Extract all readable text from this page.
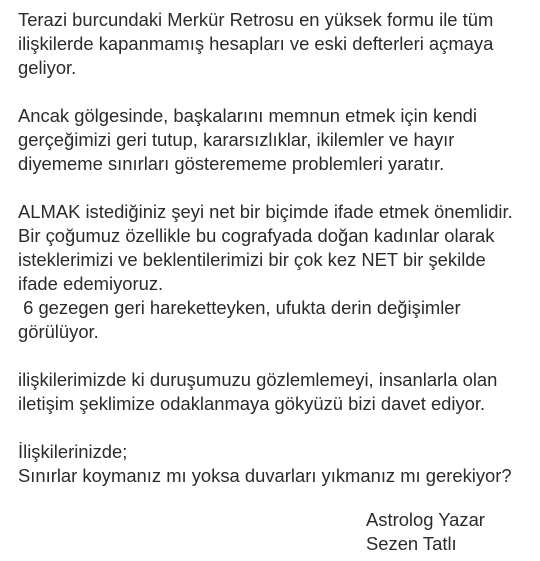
Terazi burcundaki Merkür Retrosu en yüksek formu ile tüm
ilişkilerde kapanmamış hesapları ve eski defterleri açmaya
geliyor.

Ancak gölgesinde, başkalarını memnun etmek için kendi
gerçeğimizi geri tutup, kararsızlıklar, ikilemler ve hayır
diyememe sınırları gösterememe problemleri yaratır.

ALMAK istediğiniz şeyi net bir biçimde ifade etmek önemlidir.
Bir çoğumuz özellikle bu cografyada doğan kadınlar olarak
isteklerimizi ve beklentilerimizi bir çok kez NET bir şekilde
ifade edemiyoruz.
6 gezegen geri hareketteyken, ufukta derin değişimler
görülüyor.

ilişkilerimizde ki duruşumuzu gözlemlemeyi, insanlarla olan
iletişim şeklimize odaklanmaya gökyüzü bizi davet ediyor.

İlişkilerinizde;
Sınırlar koymanız mı yoksa duvarları yıkmanız mı gerekiyor?

Astrolog Yazar
Sezen Tatlı
